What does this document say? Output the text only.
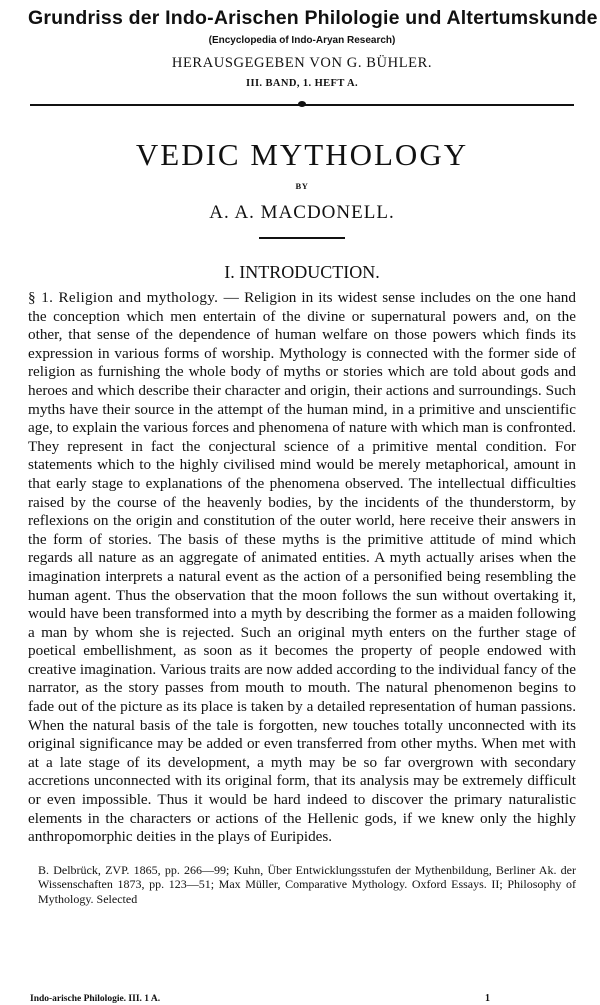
Grundriss der Indo-Arischen Philologie und Altertumskunde

(Encyclopedia of Indo-Aryan Research)

HERAUSGEGEBEN VON G. BÜHLER.

III. BAND, 1. HEFT A.

VEDIC MYTHOLOGY

BY

A. A. MACDONELL.

I. INTRODUCTION.

§ 1. Religion and mythology. — Religion in its widest sense includes on the one hand the conception which men entertain of the divine or supernatural powers and, on the other, that sense of the dependence of human welfare on those powers which finds its expression in various forms of worship. Mythology is connected with the former side of religion as furnishing the whole body of myths or stories which are told about gods and heroes and which describe their character and origin, their actions and surroundings. Such myths have their source in the attempt of the human mind, in a primitive and unscientific age, to explain the various forces and phenomena of nature with which man is confronted. They represent in fact the conjectural science of a primitive mental condition. For statements which to the highly civilised mind would be merely metaphorical, amount in that early stage to explanations of the phenomena observed. The intellectual difficulties raised by the course of the heavenly bodies, by the incidents of the thunderstorm, by reflexions on the origin and constitution of the outer world, here receive their answers in the form of stories. The basis of these myths is the primitive attitude of mind which regards all nature as an aggregate of animated entities. A myth actually arises when the imagination interprets a natural event as the action of a personified being resembling the human agent. Thus the observation that the moon follows the sun without overtaking it, would have been transformed into a myth by describing the former as a maiden following a man by whom she is rejected. Such an original myth enters on the further stage of poetical embellishment, as soon as it becomes the property of people endowed with creative imagination. Various traits are now added according to the individual fancy of the narrator, as the story passes from mouth to mouth. The natural phenomenon begins to fade out of the picture as its place is taken by a detailed representation of human passions. When the natural basis of the tale is forgotten, new touches totally unconnected with its original significance may be added or even transferred from other myths. When met with at a late stage of its development, a myth may be so far overgrown with secondary accretions unconnected with its original form, that its analysis may be extremely difficult or even impossible. Thus it would be hard indeed to discover the primary naturalistic elements in the characters or actions of the Hellenic gods, if we knew only the highly anthropomorphic deities in the plays of Euripides.

B. Delbrück, ZVP. 1865, pp. 266—99; Kuhn, Über Entwicklungsstufen der Mythenbildung, Berliner Ak. der Wissenschaften 1873, pp. 123—51; Max Müller, Comparative Mythology. Oxford Essays. II; Philosophy of Mythology. Selected

Indo-arische Philologie. III. 1 A.	1
